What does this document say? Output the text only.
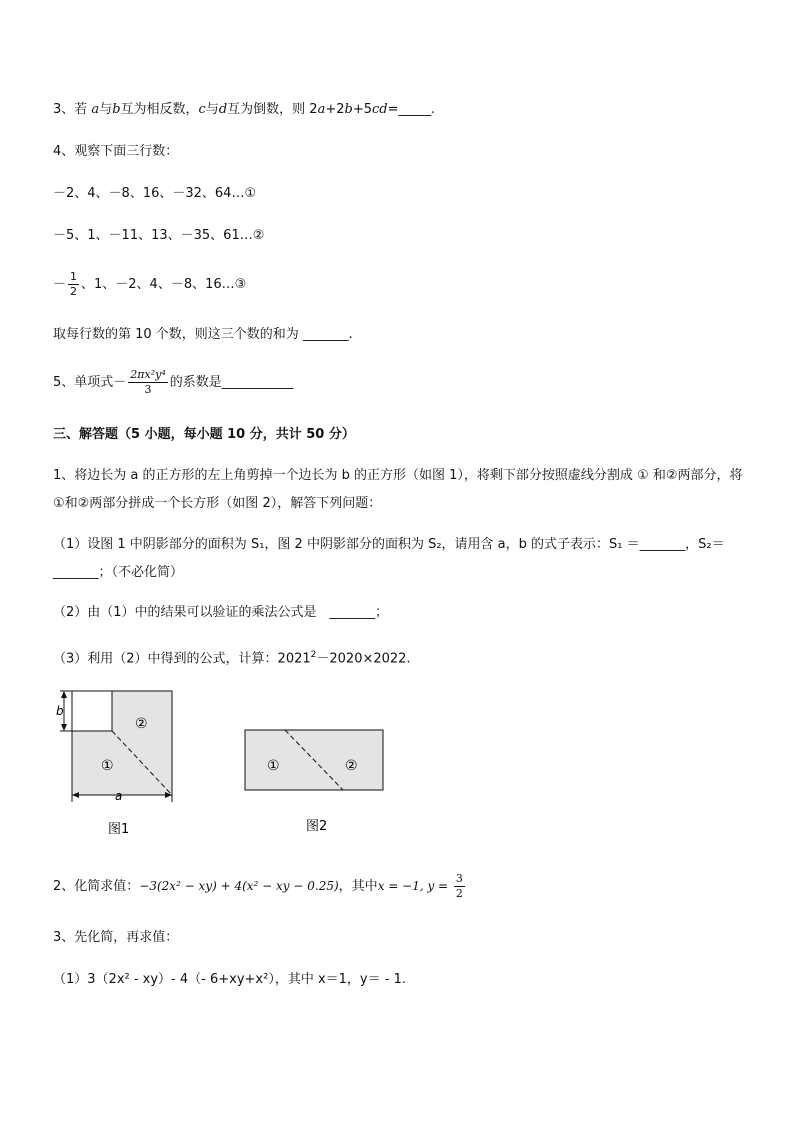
3、若 a与b互为相反数，c与d互为倒数，则 2a+2b+5cd=_____.
4、观察下面三行数：
－2、4、－8、16、－32、64…①
－5、1、－11、13、－35、61…②
－ $\frac{1}{2}$ 、1、－2、4、－8、16…③
取每行数的第 10 个数，则这三个数的和为 _______.
5、单项式－ $\frac{\text{2πx²y⁴}}{3}$ 的系数是___________
三、解答题（5 小题，每小题 10 分，共计 50 分）
1、将边长为 a 的正方形的左上角剪掉一个边长为 b 的正方形（如图 1），将剩下部分按照虚线分割成 ① 和②两部分，将①和②两部分拼成一个长方形（如图 2），解答下列问题：
（1）设图 1 中阴影部分的面积为 S₁，图 2 中阴影部分的面积为 S₂，请用含 a，b 的式子表示：S₁ ＝_______，S₂＝_______；（不必化简）
（2）由（1）中的结果可以验证的乘法公式是　_______；
（3）利用（2）中得到的公式，计算：$2021^2-2020\times 2022$.
②
①
b
a
图1
①	②
图2
2、化简求值：−3(2x² − xy) + 4(x² − xy − 0.25)，其中x = −1, $y = \frac{3}{2}$
3、先化简，再求值：
（1）3（2x² - xy）- 4（- 6+xy+x²），其中 x＝1，y＝ - 1.
